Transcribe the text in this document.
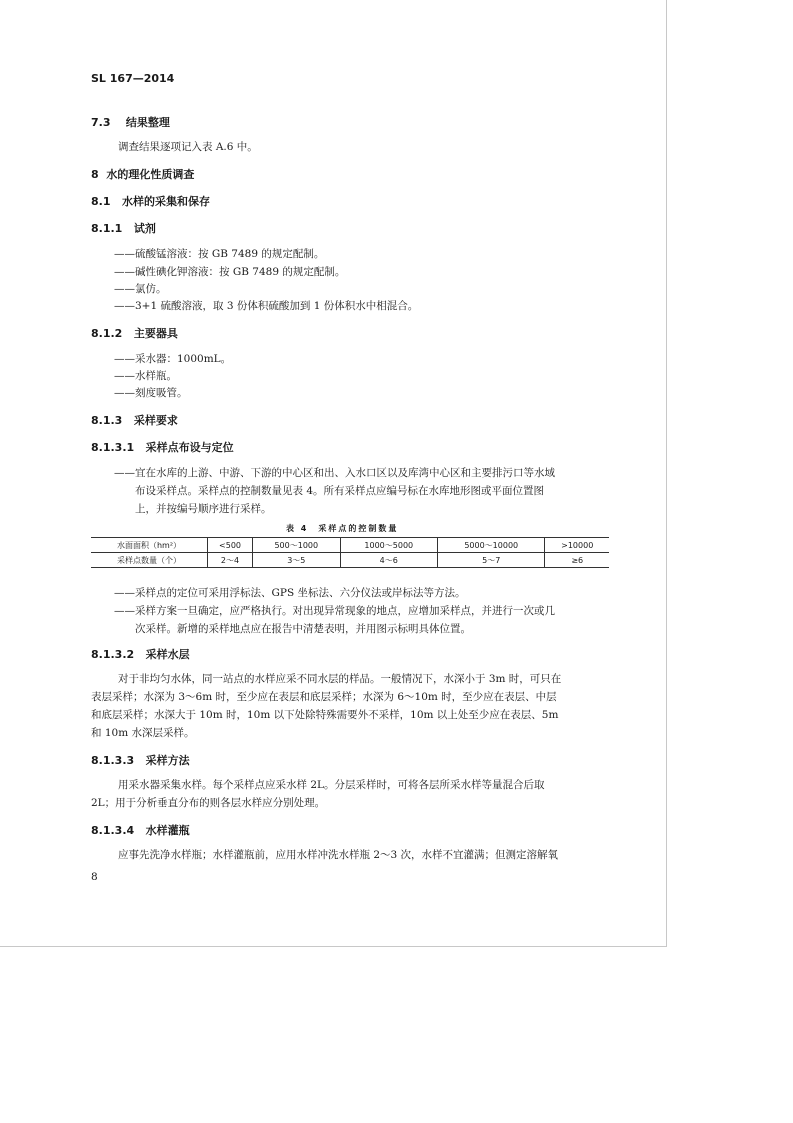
SL 167—2014
7.3 结果整理
调查结果逐项记入表 A.6 中。
8 水的理化性质调查
8.1 水样的采集和保存
8.1.1 试剂
——硫酸锰溶液：按 GB 7489 的规定配制。
——碱性碘化钾溶液：按 GB 7489 的规定配制。
——氯仿。
——3+1 硫酸溶液，取 3 份体积硫酸加到 1 份体积水中相混合。
8.1.2 主要器具
——采水器：1000mL。
——水样瓶。
——刻度吸管。
8.1.3 采样要求
8.1.3.1 采样点布设与定位
——宜在水库的上游、中游、下游的中心区和出、入水口区以及库湾中心区和主要排污口等水域
布设采样点。采样点的控制数量见表 4。所有采样点应编号标在水库地形图或平面位置图
上，并按编号顺序进行采样。
表 4　采样点的控制数量
水面面积（hm²）	<500	500～1000	1000～5000	5000～10000	>10000
采样点数量（个）	2～4	3～5	4～6	5～7	≥6
——采样点的定位可采用浮标法、GPS 坐标法、六分仪法或岸标法等方法。
——采样方案一旦确定，应严格执行。对出现异常现象的地点，应增加采样点，并进行一次或几
次采样。新增的采样地点应在报告中清楚表明，并用图示标明具体位置。
8.1.3.2 采样水层
对于非均匀水体，同一站点的水样应采不同水层的样品。一般情况下，水深小于 3m 时，可只在
表层采样；水深为 3～6m 时，至少应在表层和底层采样；水深为 6～10m 时，至少应在表层、中层
和底层采样；水深大于 10m 时，10m 以下处除特殊需要外不采样，10m 以上处至少应在表层、5m
和 10m 水深层采样。
8.1.3.3 采样方法
用采水器采集水样。每个采样点应采水样 2L。分层采样时，可将各层所采水样等量混合后取
2L；用于分析垂直分布的则各层水样应分别处理。
8.1.3.4 水样灌瓶
应事先洗净水样瓶；水样灌瓶前，应用水样冲洗水样瓶 2～3 次，水样不宜灌满；但测定溶解氧
8
